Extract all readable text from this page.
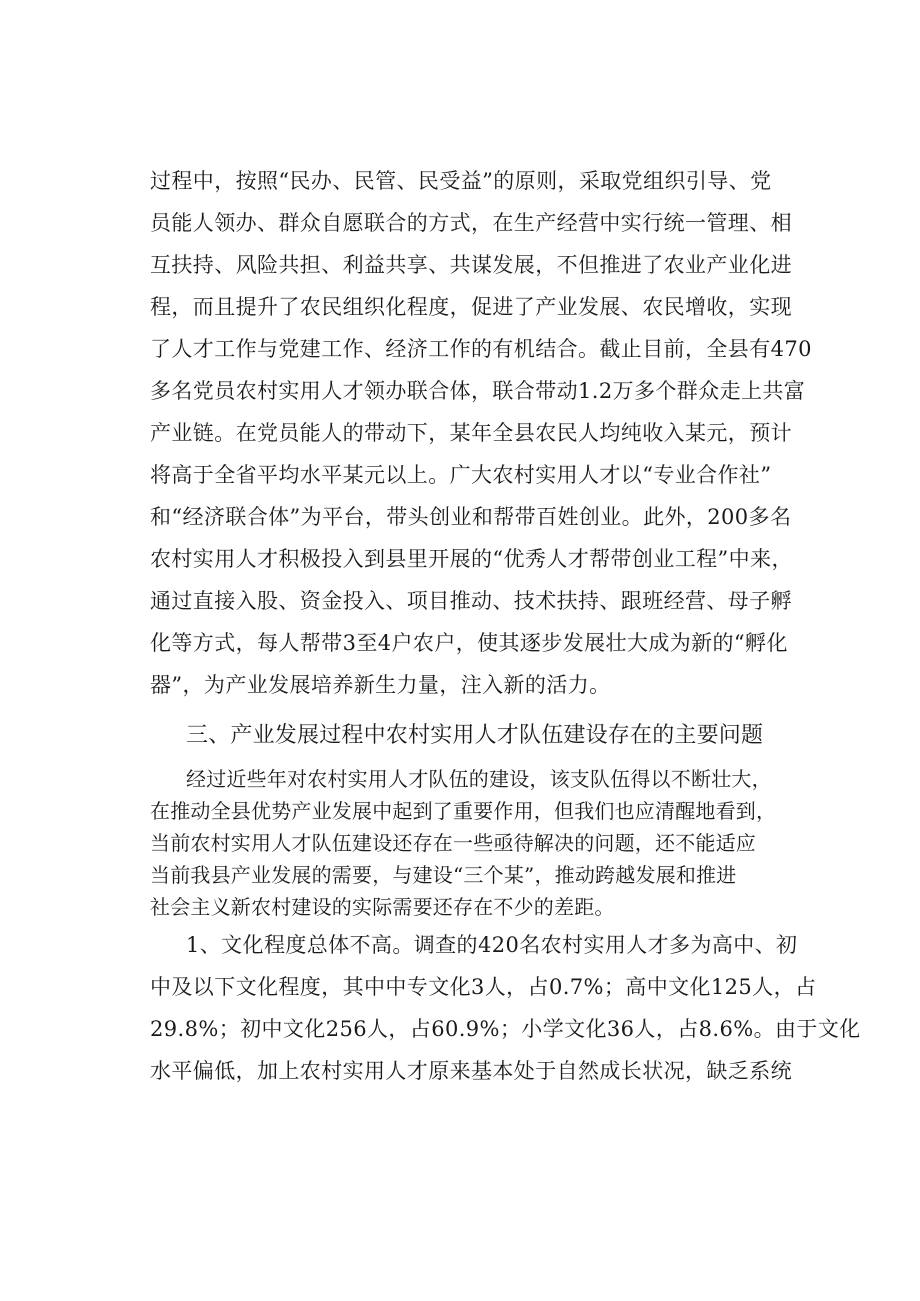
过程中，按照“民办、民管、民受益”的原则，采取党组织引导、党
员能人领办、群众自愿联合的方式，在生产经营中实行统一管理、相
互扶持、风险共担、利益共享、共谋发展，不但推进了农业产业化进
程，而且提升了农民组织化程度，促进了产业发展、农民增收，实现
了人才工作与党建工作、经济工作的有机结合。截止目前，全县有470
多名党员农村实用人才领办联合体，联合带动1.2万多个群众走上共富
产业链。在党员能人的带动下，某年全县农民人均纯收入某元，预计
将高于全省平均水平某元以上。广大农村实用人才以“专业合作社”
和“经济联合体”为平台，带头创业和帮带百姓创业。此外，200多名
农村实用人才积极投入到县里开展的“优秀人才帮带创业工程”中来，
通过直接入股、资金投入、项目推动、技术扶持、跟班经营、母子孵
化等方式，每人帮带3至4户农户，使其逐步发展壮大成为新的“孵化
器”，为产业发展培养新生力量，注入新的活力。
三、产业发展过程中农村实用人才队伍建设存在的主要问题
经过近些年对农村实用人才队伍的建设，该支队伍得以不断壮大，
在推动全县优势产业发展中起到了重要作用，但我们也应清醒地看到，
当前农村实用人才队伍建设还存在一些亟待解决的问题，还不能适应
当前我县产业发展的需要，与建设“三个某”，推动跨越发展和推进
社会主义新农村建设的实际需要还存在不少的差距。
1、文化程度总体不高。调查的420名农村实用人才多为高中、初
中及以下文化程度，其中中专文化3人，占0.7%；高中文化125人，占
29.8%；初中文化256人，占60.9%；小学文化36人，占8.6%。由于文化
水平偏低，加上农村实用人才原来基本处于自然成长状况，缺乏系统
